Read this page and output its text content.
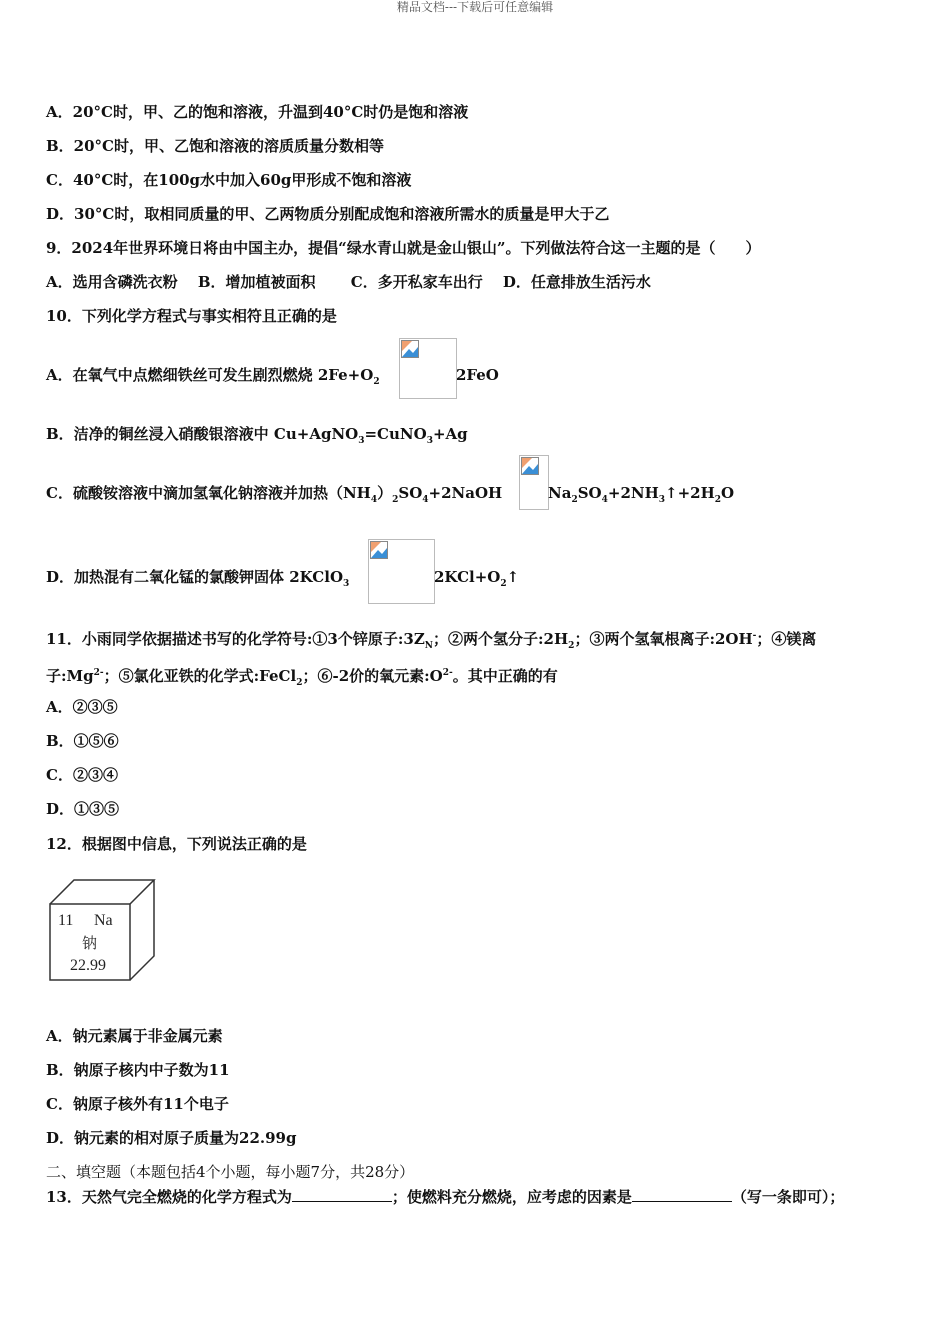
精品文档---下载后可任意编辑
A．20°C时，甲、乙的饱和溶液，升温到40°C时仍是饱和溶液
B．20°C时，甲、乙饱和溶液的溶质质量分数相等
C．40°C时，在100g水中加入60g甲形成不饱和溶液
D．30°C时，取相同质量的甲、乙两物质分别配成饱和溶液所需水的质量是甲大于乙
9．2024年世界环境日将由中国主办，提倡“绿水青山就是金山银山”。下列做法符合这一主题的是（　　）
A．选用含磷洗衣粉　 B．增加植被面积　　 C．多开私家车出行　 D．任意排放生活污水
10．下列化学方程式与事实相符且正确的是
A．在氧气中点燃细铁丝可发生剧烈燃烧 $2Fe+O_2$	2FeO
B．洁净的铜丝浸入硝酸银溶液中 Cu+AgNO$_3$=CuNO$_3$+Ag
C．硫酸铵溶液中滴加氢氧化钠溶液并加热$(NH_4)_2SO_4+2NaOH$	$Na_2SO_4+2NH_3↑+2H_2O$
D．加热混有二氧化锰的氯酸钾固体 2KClO$_3$	$2KCl+O_2↑$
11．小雨同学依据描述书写的化学符号:①3个锌原子$:3Z_N$；②两个氢分子$:2H_2$；③两个氢氧根离子:2OH-；④镁离
子$:Mg^{2-}$；⑤氯化亚铁的化学式:FeCl$_2$；⑥-2价的氧元素$:O^{2-}$。其中正确的有
A．②③⑤
B．①⑤⑥
C．②③④
D．①③⑤
12．根据图中信息，下列说法正确的是
11 Na
钠
22.99
A．钠元素属于非金属元素
B．钠原子核内中子数为11
C．钠原子核外有11个电子
D．钠元素的相对原子质量为22.99g
二、填空题（本题包括4个小题，每小题7分，共28分）
13．天然气完全燃烧的化学方程式为	；使燃料充分燃烧，应考虑的因素是	（写一条即可）；
